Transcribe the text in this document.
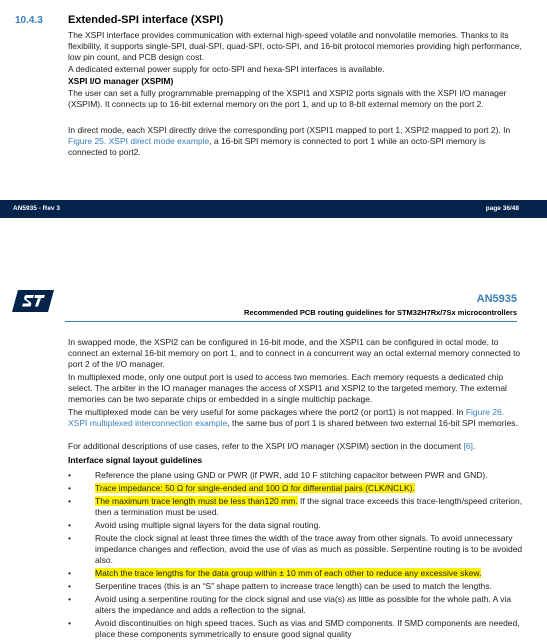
10.4.3 Extended-SPI interface (XSPI)
The XSPI interface provides communication with external high-speed volatile and nonvolatile memories. Thanks to its flexibility, it supports single-SPI, dual-SPI, quad-SPI, octo-SPI, and 16-bit protocol memories providing high performance, low pin count, and PCB design cost.
A dedicated external power supply for octo-SPI and hexa-SPI interfaces is available.
XSPI I/O manager (XSPIM)
The user can set a fully programmable premapping of the XSPI1 and XSPI2 ports signals with the XSPI I/O manager (XSPIM). It connects up to 16-bit external memory on the port 1, and up to 8-bit external memory on the port 2.
In direct mode, each XSPI directly drive the corresponding port (XSPI1 mapped to port 1, XSPI2 mapped to port 2). In Figure 25. XSPI direct mode example, a 16-bit SPI memory is connected to port 1 while an octo-SPI memory is connected to port2.
AN5935 - Rev 3	page 36/48
AN5935
Recommended PCB routing guidelines for STM32H7Rx/7Sx microcontrollers
In swapped mode, the XSPI2 can be configured in 16-bit mode, and the XSPI1 can be configured in octal mode, to connect an external 16-bit memory on port 1, and to connect in a concurrent way an octal external memory connected to port 2 of the I/O manager.
In multiplexed mode, only one output port is used to access two memories. Each memory requests a dedicated chip select. The arbiter in the IO manager manages the access of XSPI1 and XSPI2 to the targeted memory. The external memories can be two separate chips or embedded in a single multichip package.
The multiplexed mode can be very useful for some packages where the port2 (or port1) is not mapped. In Figure 26. XSPI multiplexed interconnection example, the same bus of port 1 is shared between two external 16-bit SPI memories.
For additional descriptions of use cases, refer to the XSPI I/O manager (XSPIM) section in the document [6].
Interface signal layout guidelines
•	Reference the plane using GND or PWR (if PWR, add 10 F stitching capacitor between PWR and GND).
•	Trace impedance: 50 Ω for single-ended and 100 Ω for differential pairs (CLK/NCLK).
•	The maximum trace length must be less than120 mm. If the signal trace exceeds this trace-length/speed criterion, then a termination must be used.
•	Avoid using multiple signal layers for the data signal routing.
•	Route the clock signal at least three times the width of the trace away from other signals. To avoid unnecessary impedance changes and reflection, avoid the use of vias as much as possible. Serpentine routing is to be avoided also.
•	Match the trace lengths for the data group within ± 10 mm of each other to reduce any excessive skew.
•	Serpentine traces (this is an “S” shape pattern to increase trace length) can be used to match the lengths.
•	Avoid using a serpentine routing for the clock signal and use via(s) as little as possible for the whole path. A via alters the impedance and adds a reflection to the signal.
•	Avoid discontinuities on high speed traces. Such as vias and SMD components. If SMD components are needed, place these components symmetrically to ensure good signal quality
